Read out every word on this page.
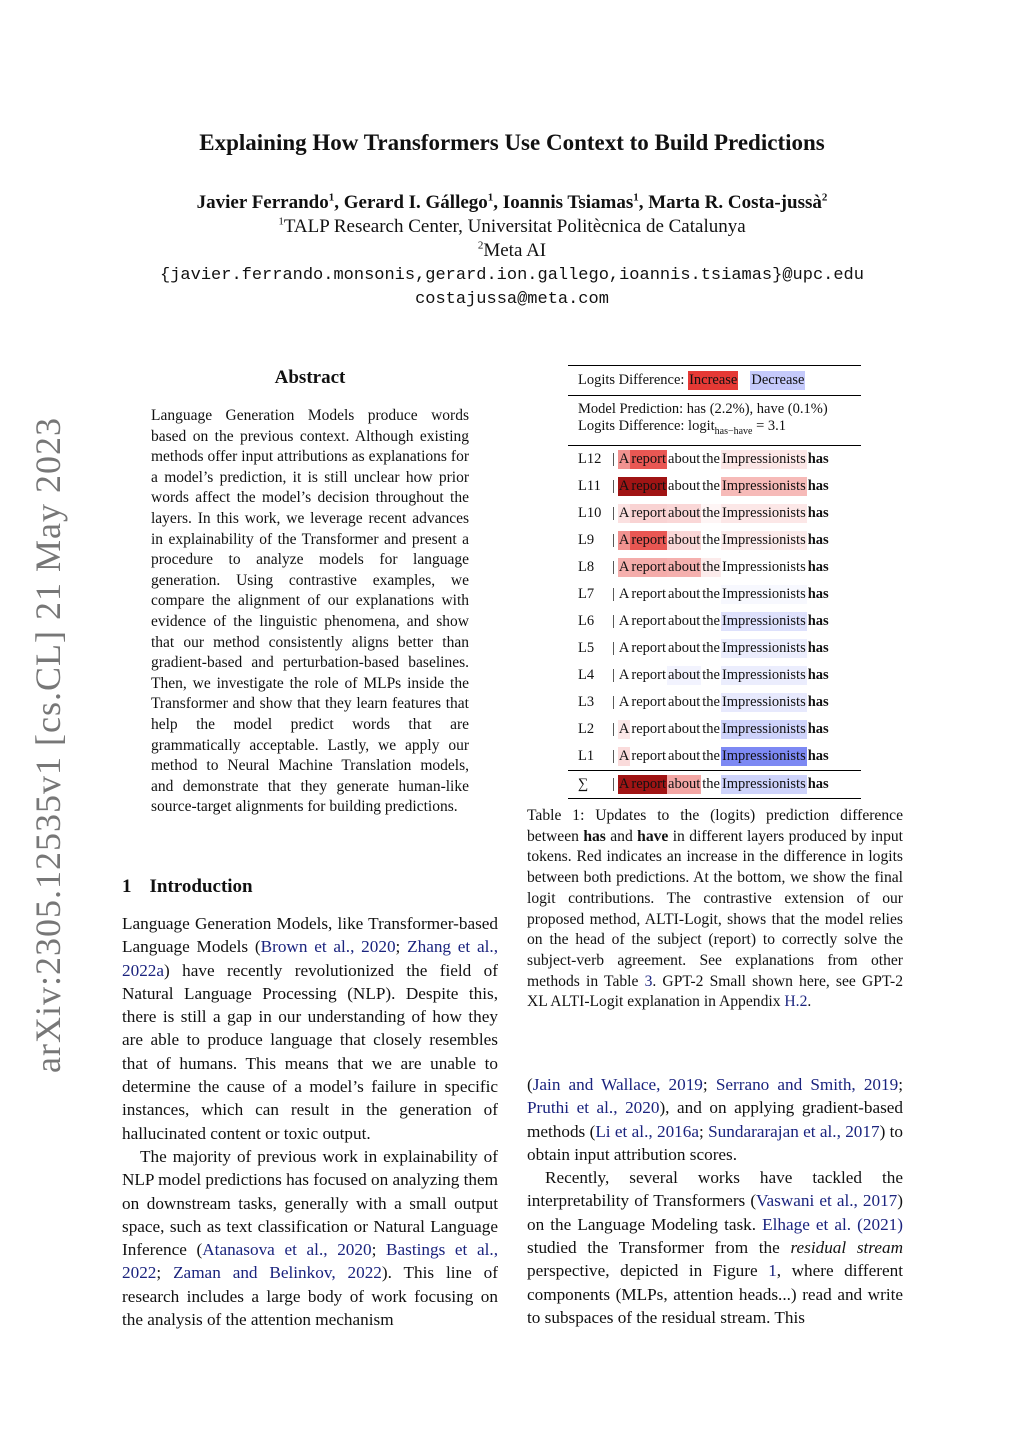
arXiv:2305.12535v1 [cs.CL] 21 May 2023
Explaining How Transformers Use Context to Build Predictions
Javier Ferrando$^1$, Gerard I. Gállego$^1$, Ioannis Tsiamas$^1$, Marta R. Costa-jussà$^2$
$^1$TALP Research Center, Universitat Politècnica de Catalunya
$^2$Meta AI
{javier.ferrando.monsonis,gerard.ion.gallego,ioannis.tsiamas}@upc.edu
costajussa@meta.com
Abstract
Language Generation Models produce words based on the previous context. Although existing methods offer input attributions as explanations for a model’s prediction, it is still unclear how prior words affect the model’s decision throughout the layers. In this work, we leverage recent advances in explainability of the Transformer and present a procedure to analyze models for language generation. Using contrastive examples, we compare the alignment of our explanations with evidence of the linguistic phenomena, and show that our method consistently aligns better than gradient-based and perturbation-based baselines. Then, we investigate the role of MLPs inside the Transformer and show that they learn features that help the model predict words that are grammatically acceptable. Lastly, we apply our method to Neural Machine Translation models, and demonstrate that they generate human-like source-target alignments for building predictions.
Logits Difference:
Increase Decrease
Model Prediction: has (2.2%), have (0.1%)
Logits Difference: logit$_{has-have}$ = 3.1
L12 | A report about the Impressionists has
L11 | A report about the Impressionists has
L10 | A report about the Impressionists has
L9	| A report about the Impressionists has
L8	| A report about the Impressionists has
L7	| A report about the Impressionists has
L6	| A report about the Impressionists has
L5	| A report about the Impressionists has
L4	| A report about the Impressionists has
L3	| A report about the Impressionists has
L2	| A report about the Impressionists has
L1	| A report about the Impressionists has
∑	| A report about the Impressionists has
Table 1: Updates to the (logits) prediction difference between has and have in different layers produced by input tokens. Red indicates an increase in the difference in logits between both predictions. At the bottom, we show the final logit contributions. The contrastive extension of our proposed method, ALTI-Logit, shows that the model relies on the head of the subject (report) to correctly solve the subject-verb agreement. See explanations from other methods in Table 3. GPT-2 Small shown here, see GPT-2 XL ALTI-Logit explanation in Appendix H.2.
1 Introduction

Language Generation Models, like Transformer-based Language Models (Brown et al., 2020; Zhang et al., 2022a) have recently revolutionized the field of Natural Language Processing (NLP). Despite this, there is still a gap in our understanding of how they are able to produce language that closely resembles that of humans. This means that we are unable to determine the cause of a model’s failure in specific instances, which can result in the generation of hallucinated content or toxic output.

The majority of previous work in explainability of NLP model predictions has focused on analyzing them on downstream tasks, generally with a small output space, such as text classification or Natural Language Inference (Atanasova et al., 2020; Bastings et al., 2022; Zaman and Belinkov, 2022). This line of research includes a large body of work focusing on the analysis of the attention mechanism

(Jain and Wallace, 2019; Serrano and Smith, 2019; Pruthi et al., 2020), and on applying gradient-based methods (Li et al., 2016a; Sundararajan et al., 2017) to obtain input attribution scores.

Recently, several works have tackled the interpretability of Transformers (Vaswani et al., 2017) on the Language Modeling task. Elhage et al. (2021) studied the Transformer from the residual stream perspective, depicted in Figure 1, where different components (MLPs, attention heads...) read and write to subspaces of the residual stream. This
